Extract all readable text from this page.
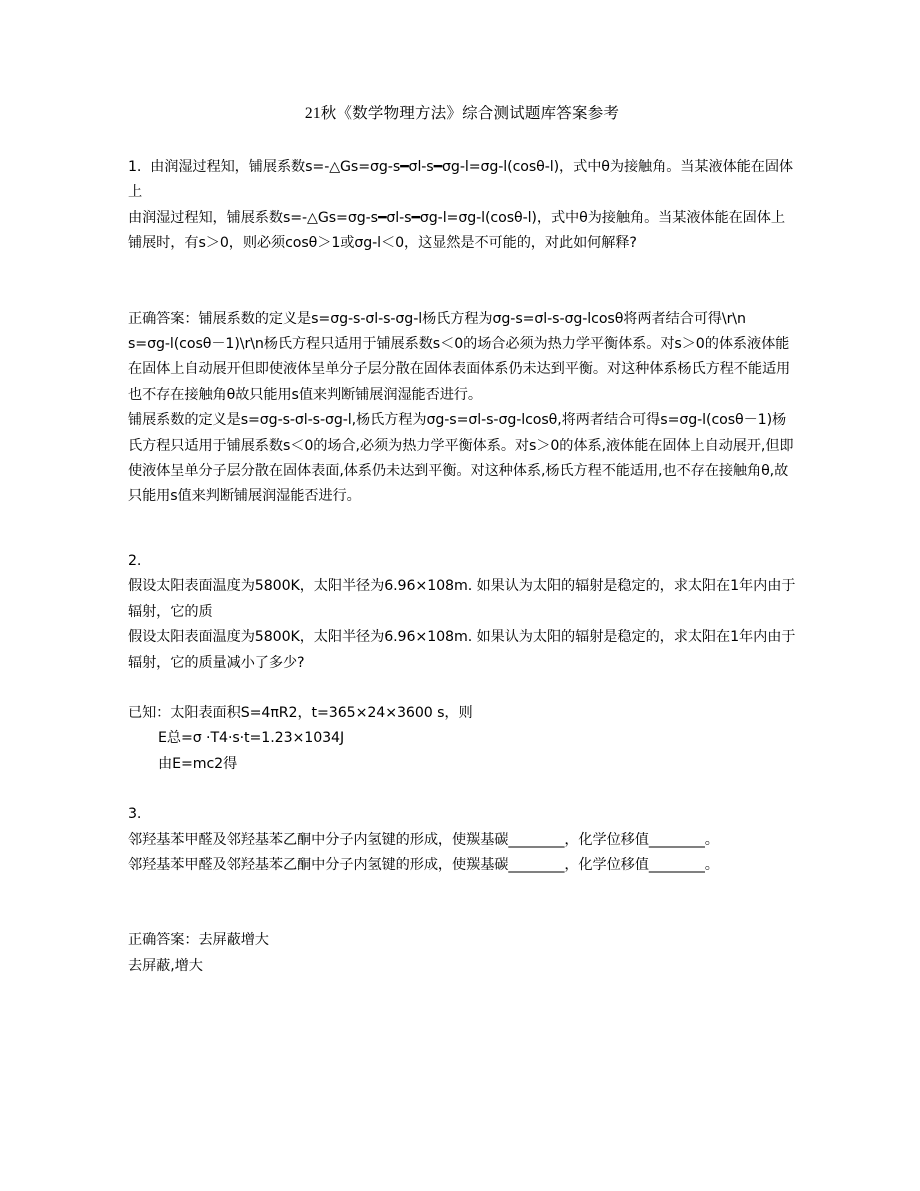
21秋《数学物理方法》综合测试题库答案参考

1.  由润湿过程知，铺展系数s=-△Gs=σg-s━σl-s━σg-l=σg-l(cosθ-l)，式中θ为接触角。当某液体能在固体上

由润湿过程知，铺展系数s=-△Gs=σg-s━σl-s━σg-l=σg-l(cosθ-l)，式中θ为接触角。当某液体能在固体上铺展时，有s＞0，则必须cosθ＞1或σg-l＜0，这显然是不可能的，对此如何解释?

正确答案：铺展系数的定义是s=σg-s-σl-s-σg-l杨氏方程为σg-s=σl-s-σg-lcosθ将两者结合可得\r\n                          s=σg-l(cosθ－1)\r\n杨氏方程只适用于铺展系数s＜0的场合必须为热力学平衡体系。对s＞0的体系液体能在固体上自动展开但即使液体呈单分子层分散在固体表面体系仍未达到平衡。对这种体系杨氏方程不能适用也不存在接触角θ故只能用s值来判断铺展润湿能否进行。

铺展系数的定义是s=σg-s-σl-s-σg-l,杨氏方程为σg-s=σl-s-σg-lcosθ,将两者结合可得s=σg-l(cosθ－1)杨氏方程只适用于铺展系数s＜0的场合,必须为热力学平衡体系。对s＞0的体系,液体能在固体上自动展开,但即使液体呈单分子层分散在固体表面,体系仍未达到平衡。对这种体系,杨氏方程不能适用,也不存在接触角θ,故只能用s值来判断铺展润湿能否进行。

2.

假设太阳表面温度为5800K，太阳半径为6.96×108m. 如果认为太阳的辐射是稳定的，求太阳在1年内由于辐射，它的质

假设太阳表面温度为5800K，太阳半径为6.96×108m. 如果认为太阳的辐射是稳定的，求太阳在1年内由于辐射，它的质量减小了多少?

已知：太阳表面积S=4πR2，t=365×24×3600 s，则

E总=σ ·T4·s·t=1.23×1034J

由E=mc2得

3.

邻羟基苯甲醛及邻羟基苯乙酮中分子内氢键的形成，使羰基碳________，化学位移值________。

邻羟基苯甲醛及邻羟基苯乙酮中分子内氢键的形成，使羰基碳________，化学位移值________。

正确答案：去屏蔽增大

去屏蔽,增大
